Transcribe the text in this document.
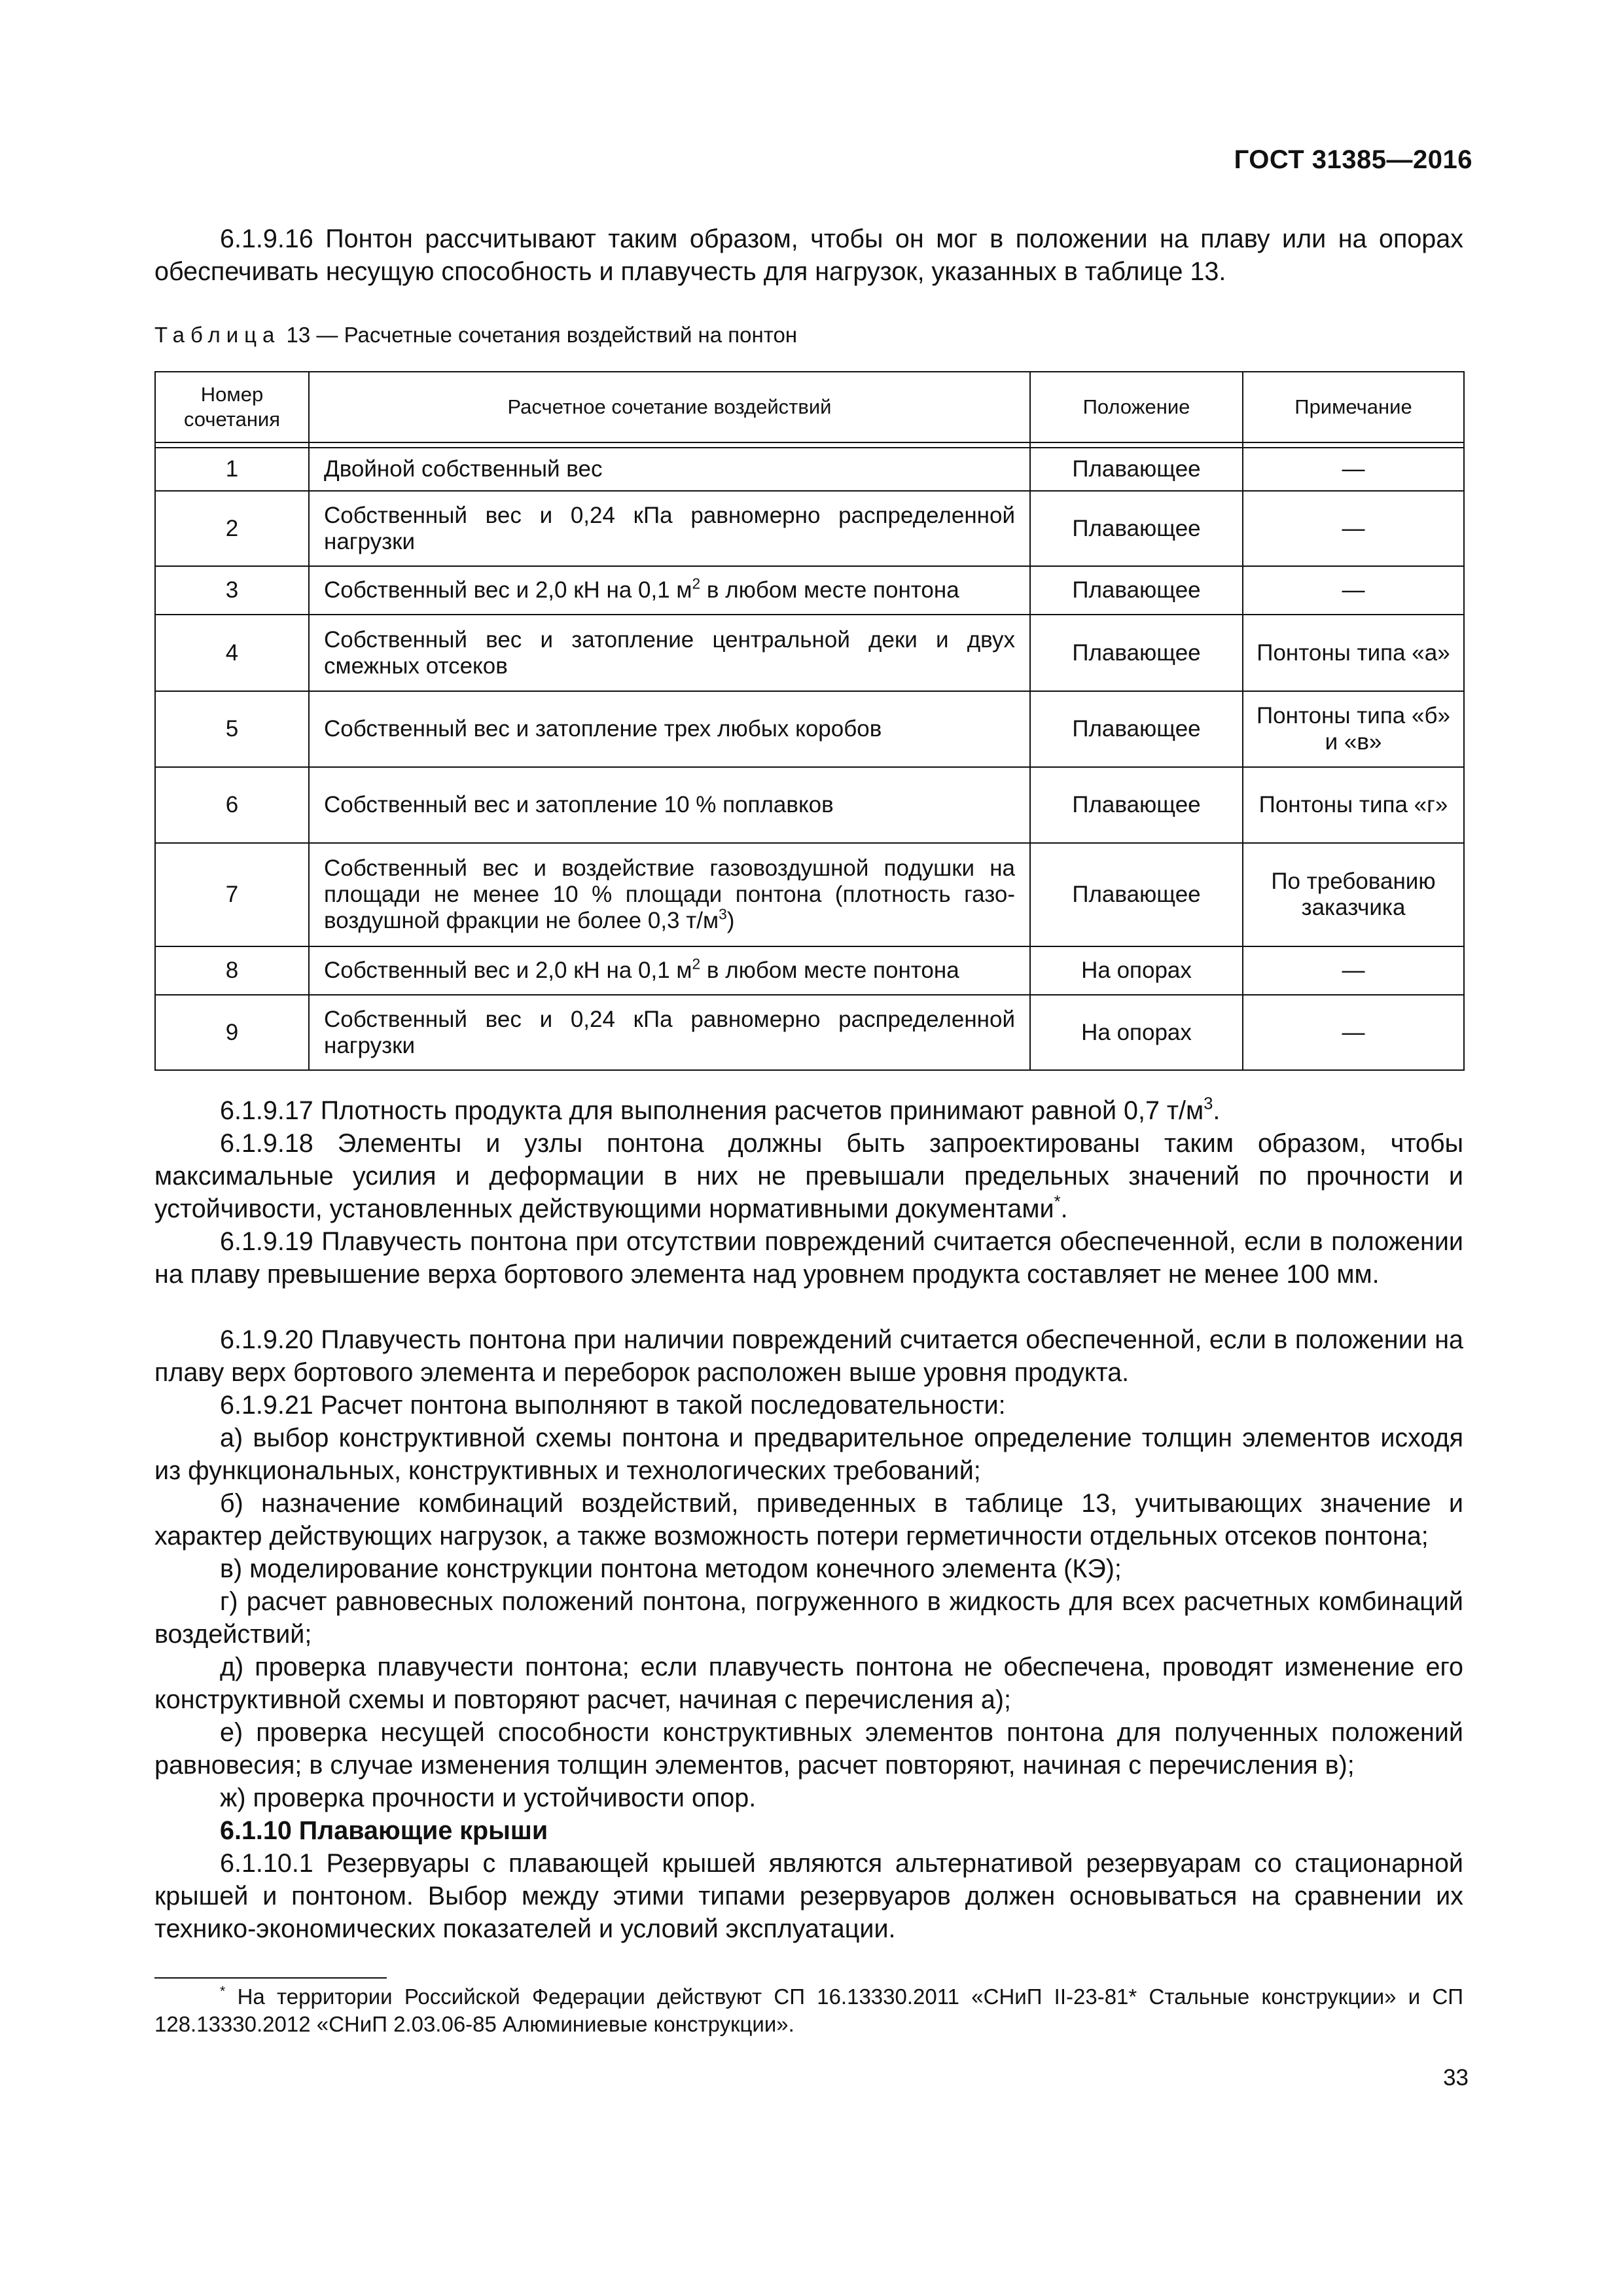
ГОСТ 31385—2016
6.1.9.16 Понтон рассчитывают таким образом, чтобы он мог в положении на плаву или на опорах обеспечивать несущую способность и плавучесть для нагрузок, указанных в таблице 13.
Таблица 13 — Расчетные сочетания воздействий на понтон
Номер сочетания	Расчетное сочетание воздействий	Положение	Примечание

1	Двойной собственный вес	Плавающее	—
2	Собственный вес и 0,24 кПа равномерно распределенной нагрузки	Плавающее	—
3	Собственный вес и 2,0 кН на 0,1 $м^2$ в любом месте понтона	Плавающее	—
4	Собственный вес и затопление центральной деки и двух смежных отсеков	Плавающее	Понтоны типа «а»
5	Собственный вес и затопление трех любых коробов	Плавающее	Понтоны типа «б» и «в»
6	Собственный вес и затопление 10 % поплавков	Плавающее	Понтоны типа «г»
7	Собственный вес и воздействие газовоздушной подушки на площади не менее 10 % площади понтона (плотность газо-воздушной фракции не более 0,3 $т/м^3$)	Плавающее	По требованию заказчика
8	Собственный вес и 2,0 кН на 0,1 $м^2$ в любом месте понтона	На опорах	—
9	Собственный вес и 0,24 кПа равномерно распределенной нагрузки	На опорах	—
6.1.9.17 Плотность продукта для выполнения расчетов принимают равной 0,7 $т/м^3$.
6.1.9.18 Элементы и узлы понтона должны быть запроектированы таким образом, чтобы максимальные усилия и деформации в них не превышали предельных значений по прочности и устойчивости, установленных действующими нормативными документами*.
6.1.9.19 Плавучесть понтона при отсутствии повреждений считается обеспеченной, если в положении на плаву превышение верха бортового элемента над уровнем продукта составляет не менее 100 мм.
6.1.9.20 Плавучесть понтона при наличии повреждений считается обеспеченной, если в положении на плаву верх бортового элемента и переборок расположен выше уровня продукта.
6.1.9.21 Расчет понтона выполняют в такой последовательности:
а) выбор конструктивной схемы понтона и предварительное определение толщин элементов исходя из функциональных, конструктивных и технологических требований;
б) назначение комбинаций воздействий, приведенных в таблице 13, учитывающих значение и характер действующих нагрузок, а также возможность потери герметичности отдельных отсеков понтона;
в) моделирование конструкции понтона методом конечного элемента (КЭ);
г) расчет равновесных положений понтона, погруженного в жидкость для всех расчетных комбинаций воздействий;
д) проверка плавучести понтона; если плавучесть понтона не обеспечена, проводят изменение его конструктивной схемы и повторяют расчет, начиная с перечисления а);
е) проверка несущей способности конструктивных элементов понтона для полученных положений равновесия; в случае изменения толщин элементов, расчет повторяют, начиная с перечисления в);
ж) проверка прочности и устойчивости опор.
6.1.10 Плавающие крыши
6.1.10.1 Резервуары с плавающей крышей являются альтернативой резервуарам со стационарной крышей и понтоном. Выбор между этими типами резервуаров должен основываться на сравнении их технико-экономических показателей и условий эксплуатации.
* На территории Российской Федерации действуют СП 16.13330.2011 «СНиП II-23-81* Стальные конструкции» и СП 128.13330.2012 «СНиП 2.03.06-85 Алюминиевые конструкции».
33
